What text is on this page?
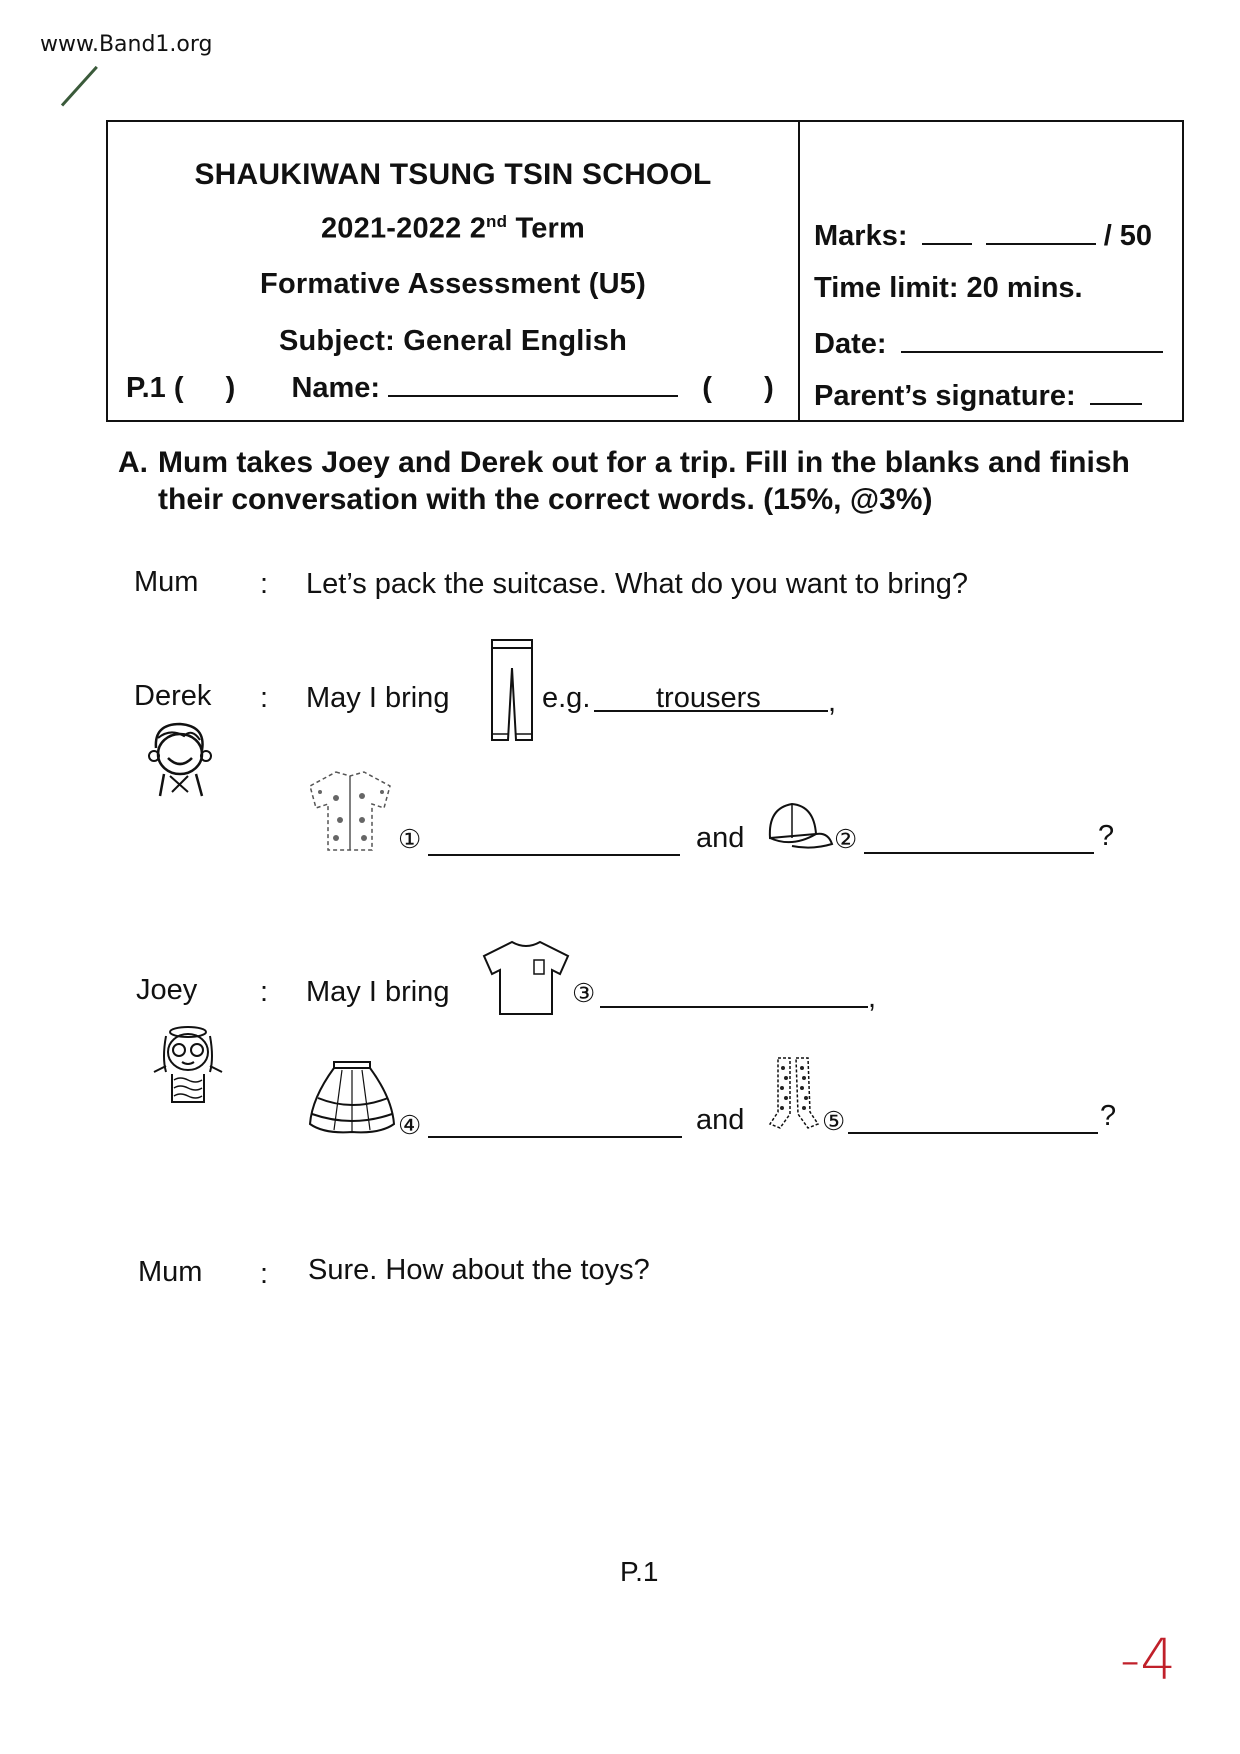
www.Band1.org
SHAUKIWAN TSUNG TSIN SCHOOL
2021-2022 2nd Term
Formative Assessment (U5)
Subject: General English
P.1 ( ) Name:	( )
Marks:	/ 50
Time limit: 20 mins.
Date:
Parent’s signature:
A. Mum takes Joey and Derek out for a trip. Fill in the blanks and finish
their conversation with the correct words. (15%, @3%)
Mum : Let’s pack the suitcase. What do you want to bring?
Derek : May I bring	e.g. trousers ,
①	and	②	?
Joey : May I bring	③	,
④	and	⑤	?
Mum : Sure. How about the toys?
P.1
-4
